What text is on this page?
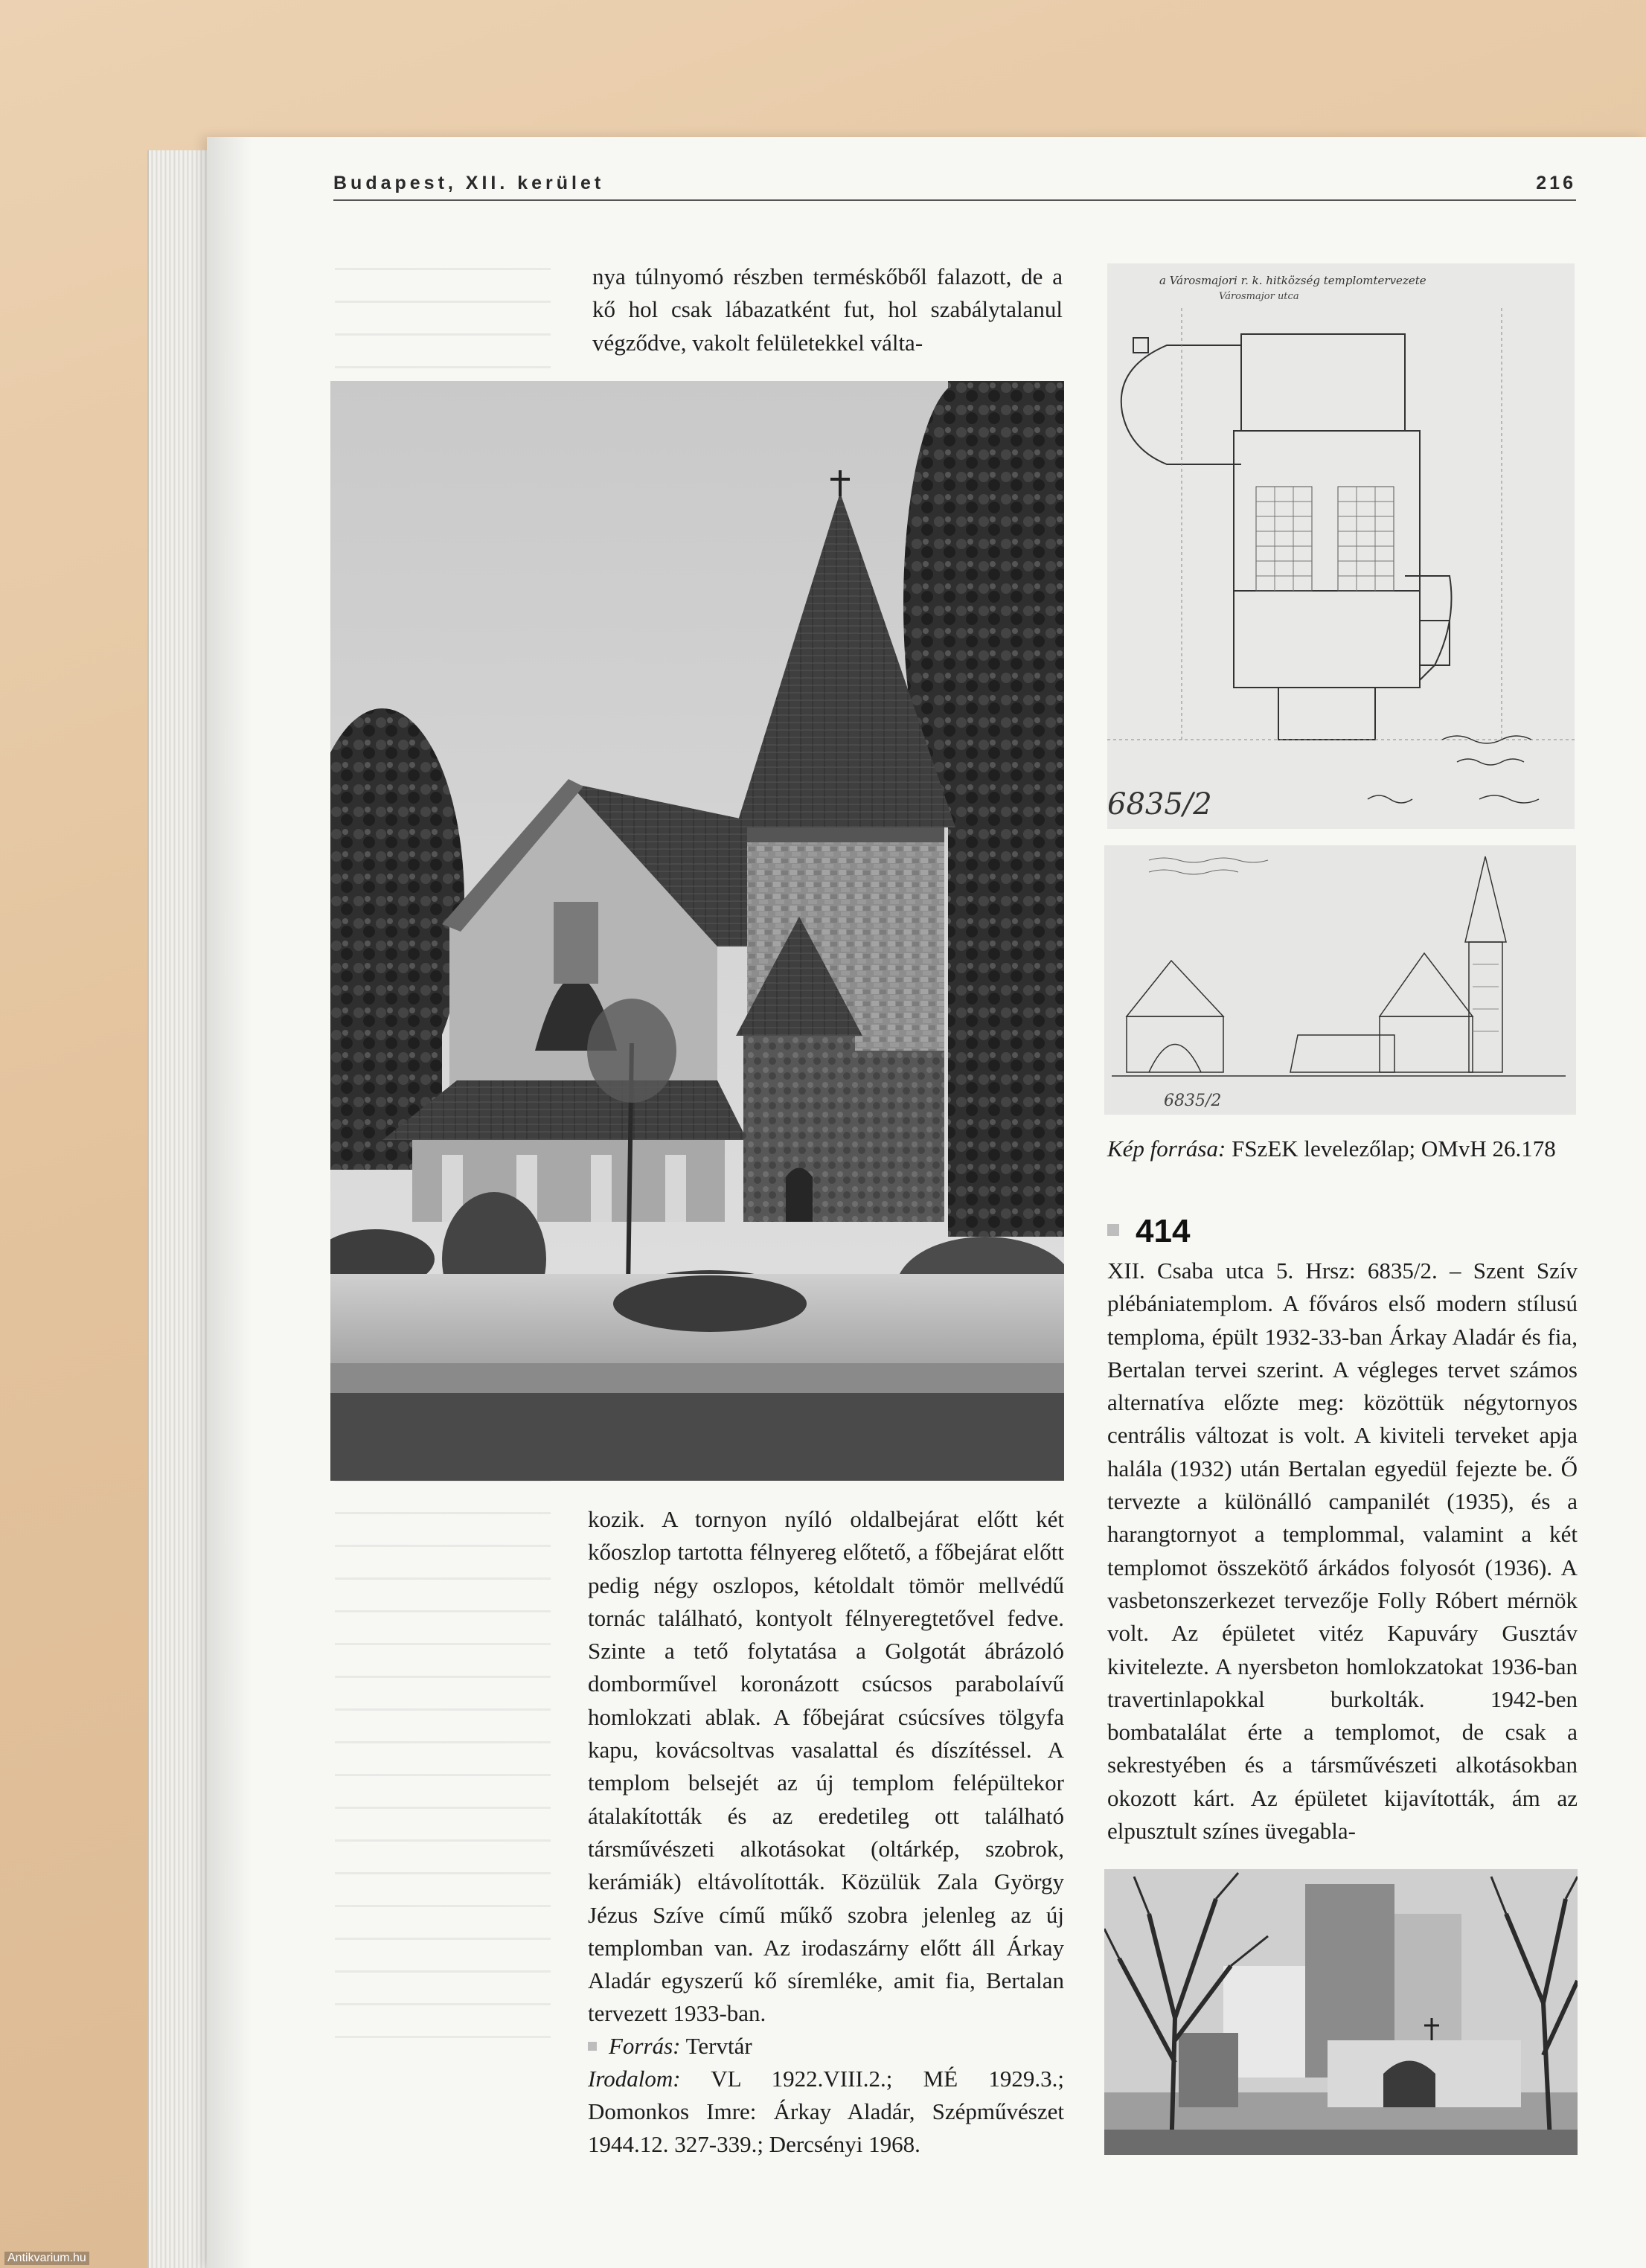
Budapest, XII. kerület	216

nya túlnyomó részben terméskőből falazott, de a kő hol csak lábazatként fut, hol szabálytalanul végződve, vakolt felületekkel válta-

kozik. A tornyon nyíló oldalbejárat előtt két kőoszlop tartotta félnyereg előtető, a főbejárat előtt pedig négy oszlopos, kétoldalt tömör mellvédű tornác található, kontyolt félnyeregtetővel fedve. Szinte a tető folytatása a Golgotát ábrázoló domborművel koronázott csúcsos parabolaívű homlokzati ablak. A főbejárat csúcsíves tölgyfa kapu, kovácsoltvas vasalattal és díszítéssel. A templom belsejét az új templom felépültekor átalakították és az eredetileg ott található társművészeti alkotásokat (oltárkép, szobrok, kerámiák) eltávolították. Közülük Zala György Jézus Szíve című műkő szobra jelenleg az új templomban van. Az irodaszárny előtt áll Árkay Aladár egyszerű kő síremléke, amit fia, Bertalan tervezett 1933-ban.

Forrás: Tervtár

Irodalom: VL 1922.VIII.2.; MÉ 1929.3.; Domonkos Imre: Árkay Aladár, Szépművészet 1944.12. 327-339.; Dercsényi 1968.

a Városmajori r. k. hitközség templomtervezete
Városmajor utca
6835/2
6835/2
Kép forrása: FSzEK levelezőlap; OMvH 26.178
414

XII. Csaba utca 5. Hrsz: 6835/2. – Szent Szív plébániatemplom. A főváros első modern stílusú temploma, épült 1932-33-ban Árkay Aladár és fia, Bertalan tervei szerint. A végleges tervet számos alternatíva előzte meg: közöttük négytornyos centrális változat is volt. A kiviteli terveket apja halála (1932) után Bertalan egyedül fejezte be. Ő tervezte a különálló campanilét (1935), és a harangtornyot a templommal, valamint a két templomot összekötő árkádos folyosót (1936). A vasbetonszerkezet tervezője Folly Róbert mérnök volt. Az épületet vitéz Kapuváry Gusztáv kivitelezte. A nyersbeton homlokzatokat 1936-ban travertinlapokkal burkolták. 1942-ben bombatalálat érte a templomot, de csak a sekrestyében és a társművészeti alkotásokban okozott kárt. Az épületet kijavították, ám az elpusztult színes üvegabla-

Antikvarium.hu
